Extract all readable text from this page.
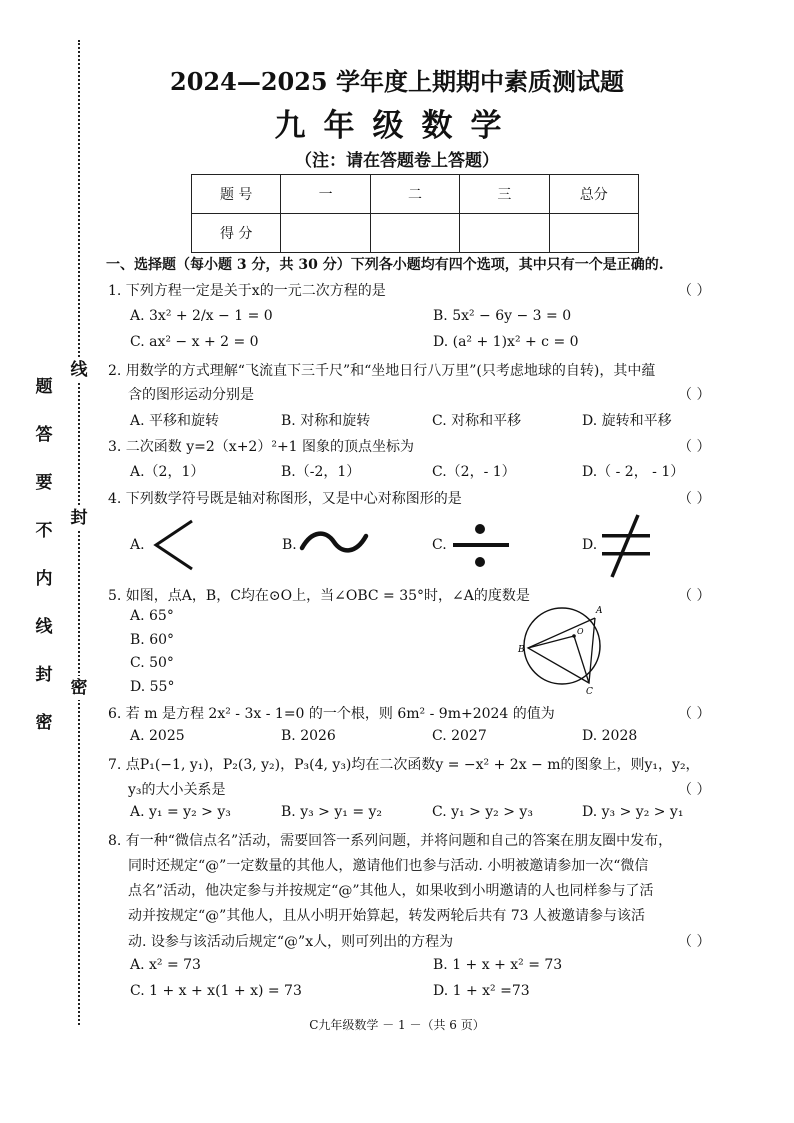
题
答
要
不
内
线
封
密
线
封
密
2024—2025 学年度上期期中素质测试题
九年级数学
（注：请在答题卷上答题）
题 号	一	二	三	总分
得 分				
一、选择题（每小题 3 分，共 30 分）下列各小题均有四个选项，其中只有一个是正确的.
1. 下列方程一定是关于x的一元二次方程的是	（ ）
A. 3x² + 2/x − 1 = 0	B. 5x² − 6y − 3 = 0
C. ax² − x + 2 = 0	D. (a² + 1)x² + c = 0
2. 用数学的方式理解“飞流直下三千尺”和“坐地日行八万里”(只考虑地球的自转)，其中蕴
含的图形运动分别是	（ ）
A. 平移和旋转	B. 对称和旋转	C. 对称和平移	D. 旋转和平移
3. 二次函数 y=2（x+2）²+1 图象的顶点坐标为	（ ）
A.（2，1）	B.（-2，1）	C.（2，- 1）	D.（ - 2， - 1）
4. 下列数学符号既是轴对称图形，又是中心对称图形的是	（ ）
A.	B.	C.	D.
5. 如图，点A，B，C均在⊙O上，当∠OBC = 35°时，∠A的度数是	（ ）
A. 65°
B. 60°
C. 50°
D. 55°
A
B
C
O
6. 若 m 是方程 2x² - 3x - 1=0 的一个根，则 6m² - 9m+2024 的值为	（ ）
A. 2025	B. 2026	C. 2027	D. 2028
7. 点P₁(−1, y₁)，P₂(3, y₂)，P₃(4, y₃)均在二次函数y = −x² + 2x − m的图象上，则y₁，y₂，
y₃的大小关系是	（ ）
A. y₁ = y₂ > y₃	B. y₃ > y₁ = y₂	C. y₁ > y₂ > y₃	D. y₃ > y₂ > y₁
8. 有一种“微信点名”活动，需要回答一系列问题，并将问题和自己的答案在朋友圈中发布，
同时还规定“@”一定数量的其他人，邀请他们也参与活动. 小明被邀请参加一次“微信
点名”活动，他决定参与并按规定“@”其他人，如果收到小明邀请的人也同样参与了活
动并按规定“@”其他人，且从小明开始算起，转发两轮后共有 73 人被邀请参与该活
动. 设参与该活动后规定“@”x人，则可列出的方程为	（ ）
A. x² = 73	B. 1 + x + x² = 73
C. 1 + x + x(1 + x) = 73	D. 1 + x² =73
C九年级数学 － 1 －（共 6 页）
